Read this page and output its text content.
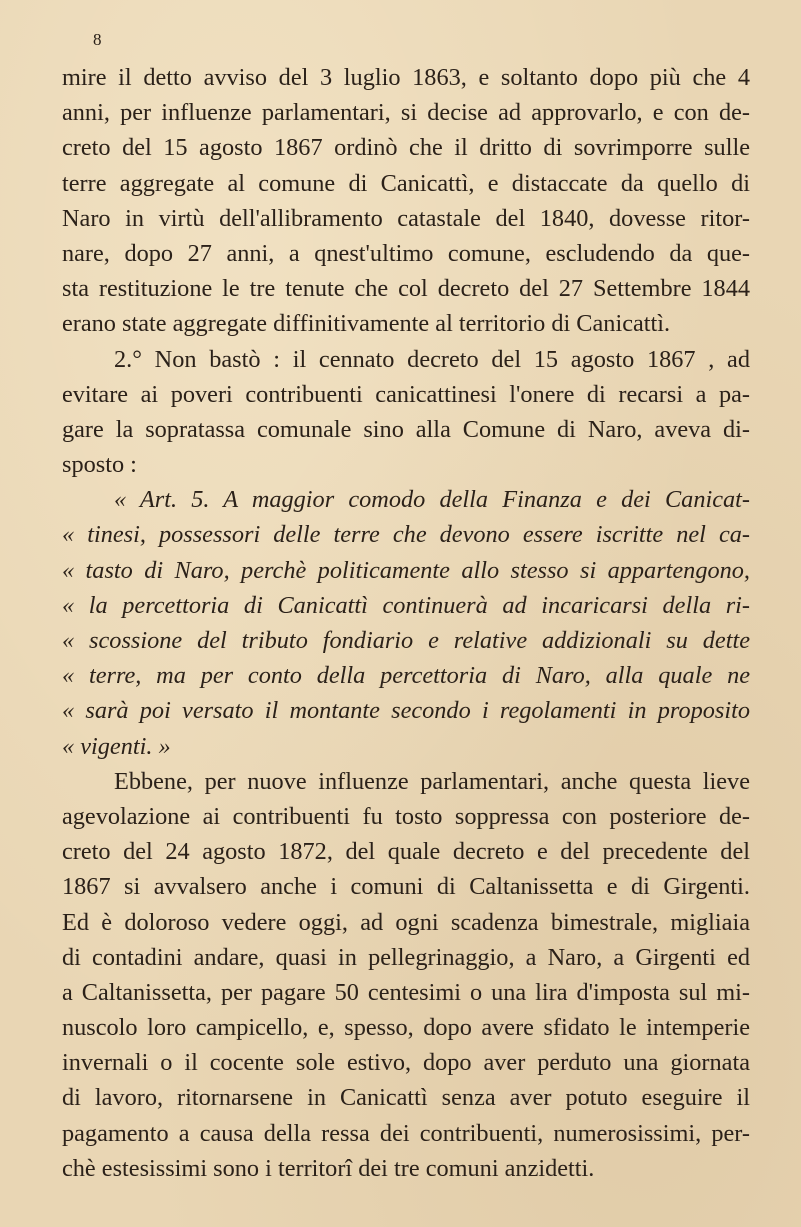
8
mire il detto avviso del 3 luglio 1863, e soltanto dopo più che 4
anni, per influenze parlamentari, si decise ad approvarlo, e con de-
creto del 15 agosto 1867 ordinò che il dritto di sovrimporre sulle
terre aggregate al comune di Canicattì, e distaccate da quello di
Naro in virtù dell'allibramento catastale del 1840, dovesse ritor-
nare, dopo 27 anni, a qnest'ultimo comune, escludendo da que-
sta restituzione le tre tenute che col decreto del 27 Settembre 1844
erano state aggregate diffinitivamente al territorio di Canicattì.
2.° Non bastò : il cennato decreto del 15 agosto 1867 , ad
evitare ai poveri contribuenti canicattinesi l'onere di recarsi a pa-
gare la sopratassa comunale sino alla Comune di Naro, aveva di-
sposto :
« Art. 5. A maggior comodo della Finanza e dei Canicat-
« tinesi, possessori delle terre che devono essere iscritte nel ca-
« tasto di Naro, perchè politicamente allo stesso si appartengono,
« la percettoria di Canicattì continuerà ad incaricarsi della ri-
« scossione del tributo fondiario e relative addizionali su dette
« terre, ma per conto della percettoria di Naro, alla quale ne
« sarà poi versato il montante secondo i regolamenti in proposito
« vigenti. »
Ebbene, per nuove influenze parlamentari, anche questa lieve
agevolazione ai contribuenti fu tosto soppressa con posteriore de-
creto del 24 agosto 1872, del quale decreto e del precedente del
1867 si avvalsero anche i comuni di Caltanissetta e di Girgenti.
Ed è doloroso vedere oggi, ad ogni scadenza bimestrale, migliaia
di contadini andare, quasi in pellegrinaggio, a Naro, a Girgenti ed
a Caltanissetta, per pagare 50 centesimi o una lira d'imposta sul mi-
nuscolo loro campicello, e, spesso, dopo avere sfidato le intemperie
invernali o il cocente sole estivo, dopo aver perduto una giornata
di lavoro, ritornarsene in Canicattì senza aver potuto eseguire il
pagamento a causa della ressa dei contribuenti, numerosissimi, per-
chè estesissimi sono i territorî dei tre comuni anzidetti.
